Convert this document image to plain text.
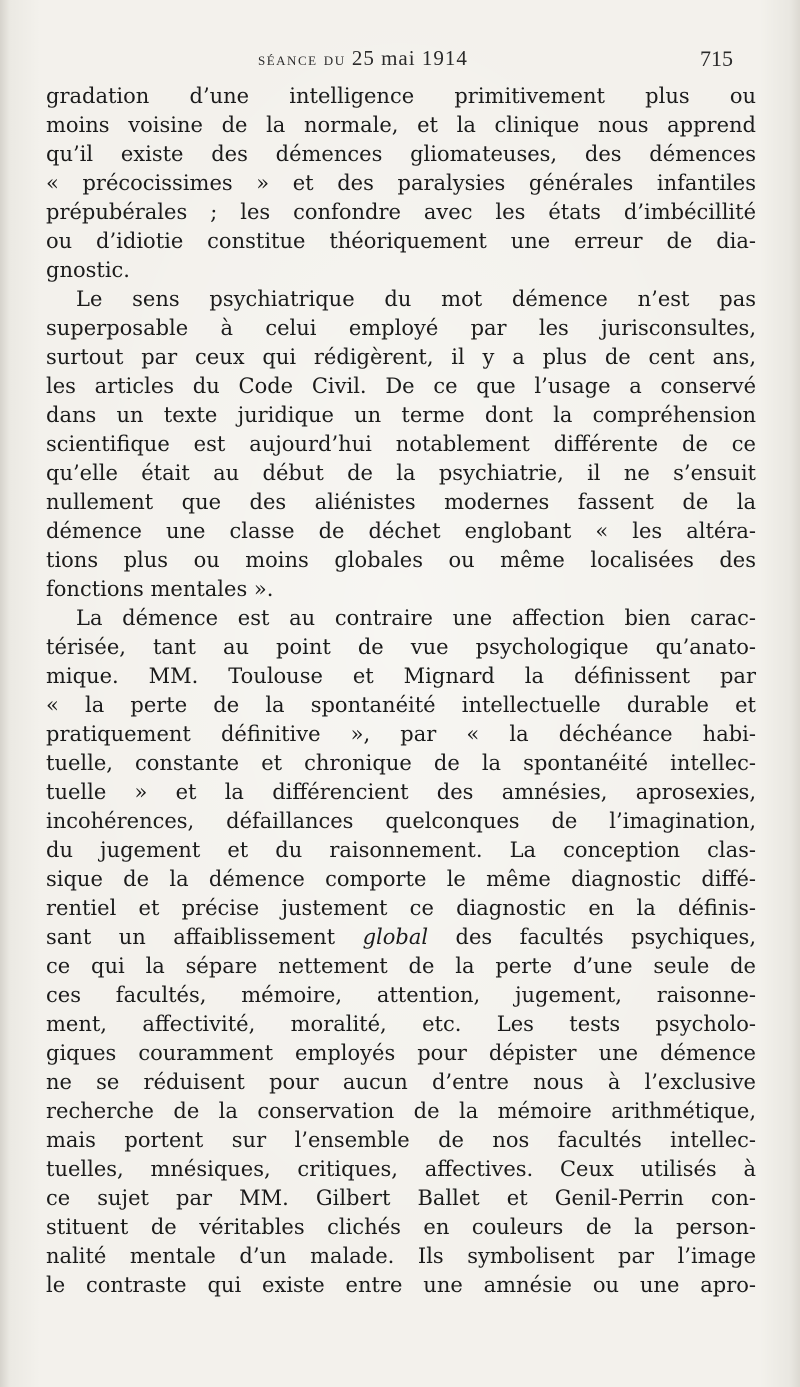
séance du 25 mai 1914	715
gradation d’une intelligence primitivement plus ou
moins voisine de la normale, et la clinique nous apprend
qu’il existe des démences gliomateuses, des démences
« précocissimes » et des paralysies générales infantiles
prépubérales ; les confondre avec les états d’imbécillité
ou d’idiotie constitue théoriquement une erreur de dia-
gnostic.
Le sens psychiatrique du mot démence n’est pas
superposable à celui employé par les jurisconsultes,
surtout par ceux qui rédigèrent, il y a plus de cent ans,
les articles du Code Civil. De ce que l’usage a conservé
dans un texte juridique un terme dont la compréhension
scientifique est aujourd’hui notablement différente de ce
qu’elle était au début de la psychiatrie, il ne s’ensuit
nullement que des aliénistes modernes fassent de la
démence une classe de déchet englobant « les altéra-
tions plus ou moins globales ou même localisées des
fonctions mentales ».
La démence est au contraire une affection bien carac-
térisée, tant au point de vue psychologique qu’anato-
mique. MM. Toulouse et Mignard la définissent par
« la perte de la spontanéité intellectuelle durable et
pratiquement définitive », par « la déchéance habi-
tuelle, constante et chronique de la spontanéité intellec-
tuelle » et la différencient des amnésies, aprosexies,
incohérences, défaillances quelconques de l’imagination,
du jugement et du raisonnement. La conception clas-
sique de la démence comporte le même diagnostic diffé-
rentiel et précise justement ce diagnostic en la définis-
sant un affaiblissement global des facultés psychiques,
ce qui la sépare nettement de la perte d’une seule de
ces facultés, mémoire, attention, jugement, raisonne-
ment, affectivité, moralité, etc. Les tests psycholo-
giques couramment employés pour dépister une démence
ne se réduisent pour aucun d’entre nous à l’exclusive
recherche de la conservation de la mémoire arithmétique,
mais portent sur l’ensemble de nos facultés intellec-
tuelles, mnésiques, critiques, affectives. Ceux utilisés à
ce sujet par MM. Gilbert Ballet et Genil-Perrin con-
stituent de véritables clichés en couleurs de la person-
nalité mentale d’un malade. Ils symbolisent par l’image
le contraste qui existe entre une amnésie ou une apro-
